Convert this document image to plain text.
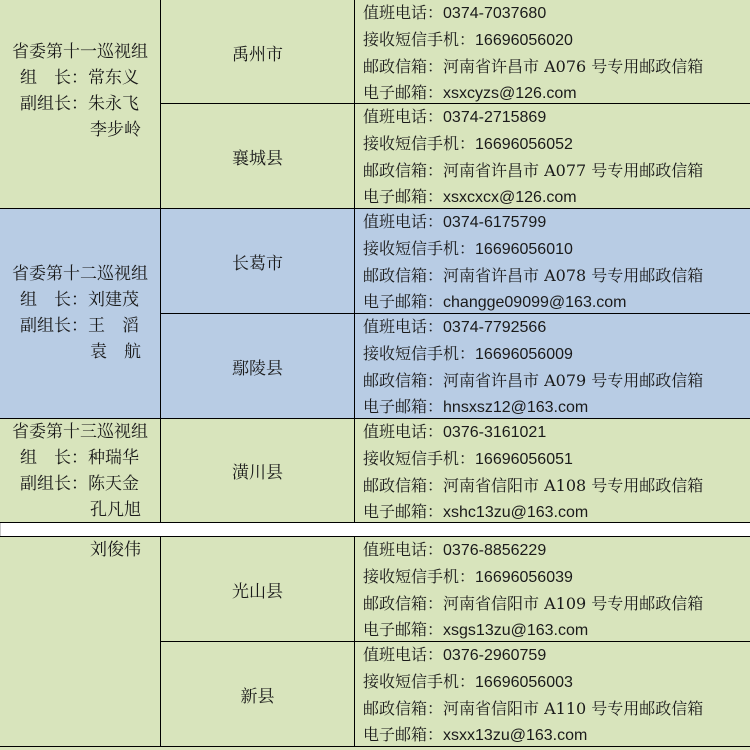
省委第十一巡视组
组　长：常东义
副组长：朱永飞
李步岭
禹州市
值班电话：0374-7037680
接收短信手机：16696056020
邮政信箱：河南省许昌市 A076 号专用邮政信箱
电子邮箱：xsxcyzs@126.com
襄城县
值班电话：0374-2715869
接收短信手机：16696056052
邮政信箱：河南省许昌市 A077 号专用邮政信箱
电子邮箱：xsxcxcx@126.com
省委第十二巡视组
组　长：刘建茂
副组长：王　滔
袁　航
长葛市
值班电话：0374-6175799
接收短信手机：16696056010
邮政信箱：河南省许昌市 A078 号专用邮政信箱
电子邮箱：changge09099@163.com
鄢陵县
值班电话：0374-7792566
接收短信手机：16696056009
邮政信箱：河南省许昌市 A079 号专用邮政信箱
电子邮箱：hnsxsz12@163.com
省委第十三巡视组
组　长：种瑞华
副组长：陈天金
孔凡旭
潢川县
值班电话：0376-3161021
接收短信手机：16696056051
邮政信箱：河南省信阳市 A108 号专用邮政信箱
电子邮箱：xshc13zu@163.com
刘俊伟
光山县
值班电话：0376-8856229
接收短信手机：16696056039
邮政信箱：河南省信阳市 A109 号专用邮政信箱
电子邮箱：xsgs13zu@163.com
新县
值班电话：0376-2960759
接收短信手机：16696056003
邮政信箱：河南省信阳市 A110 号专用邮政信箱
电子邮箱：xsxx13zu@163.com
